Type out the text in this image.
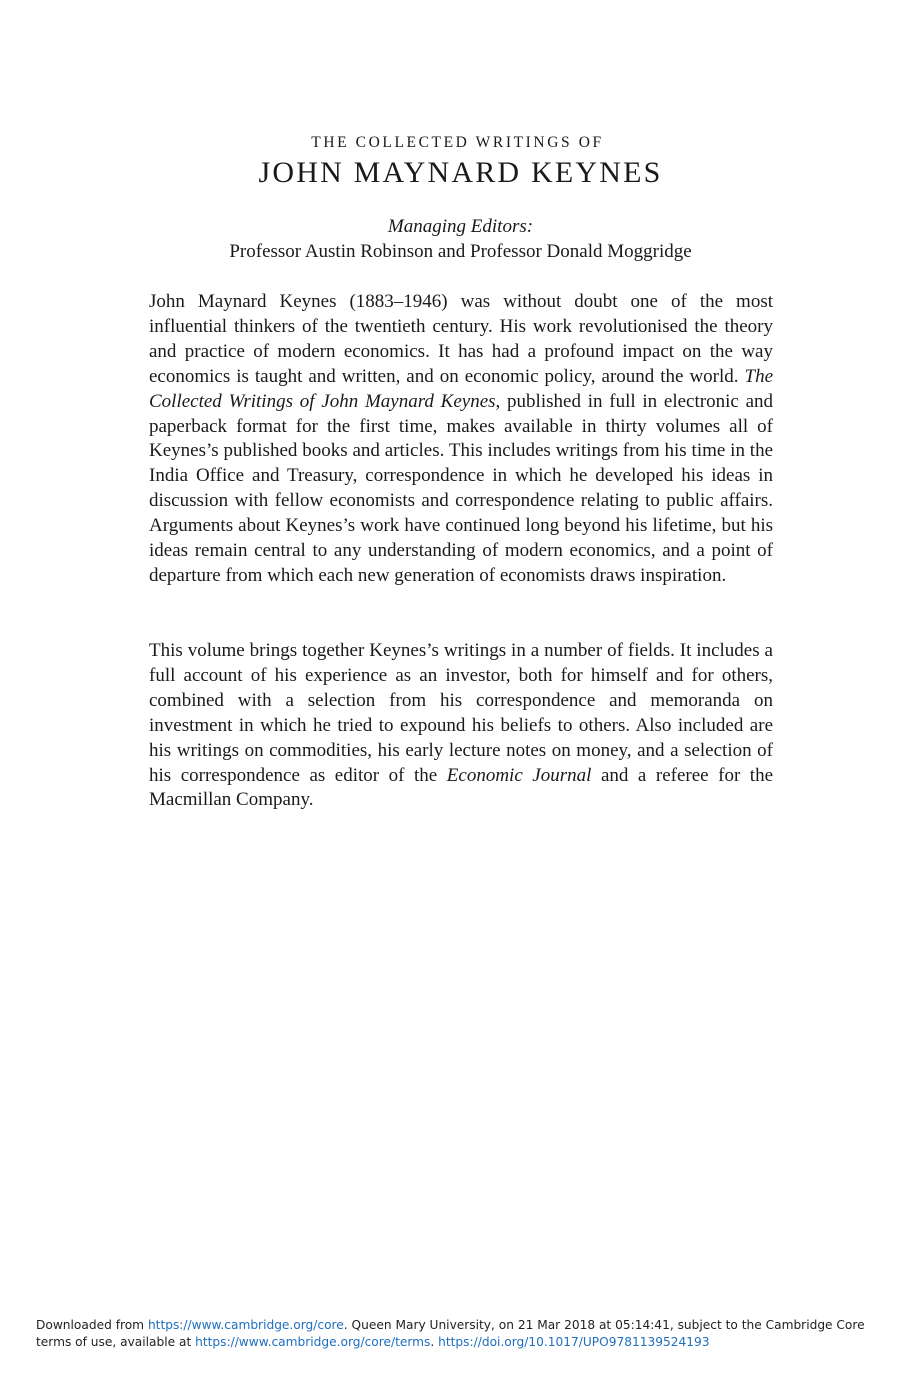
THE COLLECTED WRITINGS OF
JOHN MAYNARD KEYNES

Managing Editors:

Professor Austin Robinson and Professor Donald Moggridge

John Maynard Keynes (1883–1946) was without doubt one of the most influential thinkers of the twentieth century. His work revolutionised the theory and practice of modern economics. It has had a profound impact on the way economics is taught and written, and on economic policy, around the world. The Collected Writings of John Maynard Keynes, published in full in electronic and paperback format for the first time, makes available in thirty volumes all of Keynes’s published books and articles. This includes writings from his time in the India Office and Treasury, correspondence in which he developed his ideas in discussion with fellow economists and correspondence relating to public affairs. Arguments about Keynes’s work have continued long beyond his lifetime, but his ideas remain central to any understanding of modern economics, and a point of departure from which each new generation of economists draws inspiration.

This volume brings together Keynes’s writings in a number of fields. It includes a full account of his experience as an investor, both for himself and for others, combined with a selection from his correspondence and memoranda on investment in which he tried to expound his beliefs to others. Also included are his writings on commodities, his early lecture notes on money, and a selection of his correspondence as editor of the Economic Journal and a referee for the Macmillan Company.

Downloaded from https://www.cambridge.org/core. Queen Mary University, on 21 Mar 2018 at 05:14:41, subject to the Cambridge Core terms of use, available at https://www.cambridge.org/core/terms. https://doi.org/10.1017/UPO9781139524193
